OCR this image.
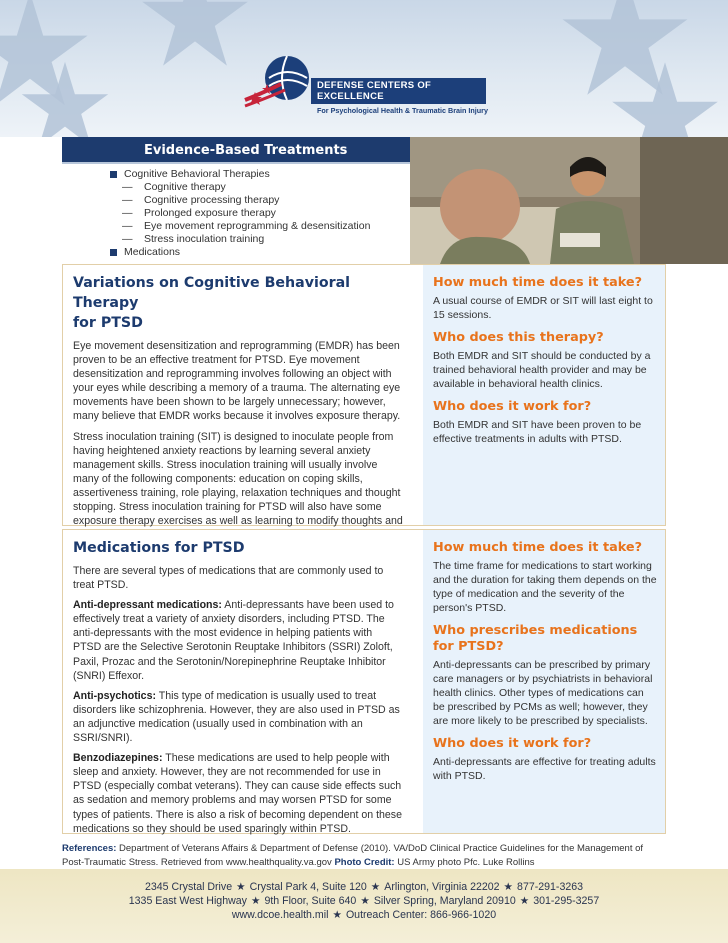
DEFENSE CENTERS OF EXCELLENCE
For Psychological Health & Traumatic Brain Injury
Evidence-Based Treatments
Cognitive Behavioral Therapies
—	Cognitive therapy
—	Cognitive processing therapy
—	Prolonged exposure therapy
—	Eye movement reprogramming & desensitization
—	Stress inoculation training
Medications
Variations on Cognitive Behavioral Therapy
for PTSD

Eye movement desensitization and reprogramming (EMDR) has been proven to be an effective treatment for PTSD. Eye movement desensitization and reprogramming involves following an object with your eyes while describing a memory of a trauma. The alternating eye movements have been shown to be largely unnecessary; however, many believe that EMDR works because it involves exposure therapy.

Stress inoculation training (SIT) is designed to inoculate people from having heightened anxiety reactions by learning several anxiety management skills. Stress inoculation training will usually involve many of the following components: education on coping skills, assertiveness training, role playing, relaxation techniques and thought stopping. Stress inoculation training for PTSD will also have some exposure therapy exercises as well as learning to modify thoughts and

How much time does it take?
A usual course of EMDR or SIT will last eight to 15 sessions.
Who does this therapy?
Both EMDR and SIT should be conducted by a trained behavioral health provider and may be available in behavioral health clinics.
Who does it work for?
Both EMDR and SIT have been proven to be effective treatments in adults with PTSD.
Medications for PTSD

There are several types of medications that are commonly used to treat PTSD.

Anti-depressant medications: Anti-depressants have been used to effectively treat a variety of anxiety disorders, including PTSD. The anti-depressants with the most evidence in helping patients with PTSD are the Selective Serotonin Reuptake Inhibitors (SSRI) Zoloft, Paxil, Prozac and the Serotonin/Norepinephrine Reuptake Inhibitor (SNRI) Effexor.

Anti-psychotics: This type of medication is usually used to treat disorders like schizophrenia. However, they are also used in PTSD as an adjunctive medication (usually used in combination with an SSRI/SNRI).

Benzodiazepines: These medications are used to help people with sleep and anxiety. However, they are not recommended for use in PTSD (especially combat veterans). They can cause side effects such as sedation and memory problems and may worsen PTSD for some types of patients. There is also a risk of becoming dependent on these medications so they should be used sparingly within PTSD.

How much time does it take?
The time frame for medications to start working and the duration for taking them depends on the type of medication and the severity of the person's PTSD.
Who prescribes medications for PTSD?
Anti-depressants can be prescribed by primary care managers or by psychiatrists in behavioral health clinics. Other types of medications can be prescribed by PCMs as well; however, they are more likely to be prescribed by specialists.
Who does it work for?
Anti-depressants are effective for treating adults with PTSD.
References: Department of Veterans Affairs & Department of Defense (2010). VA/DoD Clinical Practice Guidelines for the Management of Post-Traumatic Stress. Retrieved from www.healthquality.va.gov Photo Credit: US Army photo Pfc. Luke Rollins
2345 Crystal Drive ★ Crystal Park 4, Suite 120 ★ Arlington, Virginia 22202 ★ 877-291-3263
1335 East West Highway ★ 9th Floor, Suite 640 ★ Silver Spring, Maryland 20910 ★ 301-295-3257
www.dcoe.health.mil ★ Outreach Center: 866-966-1020
